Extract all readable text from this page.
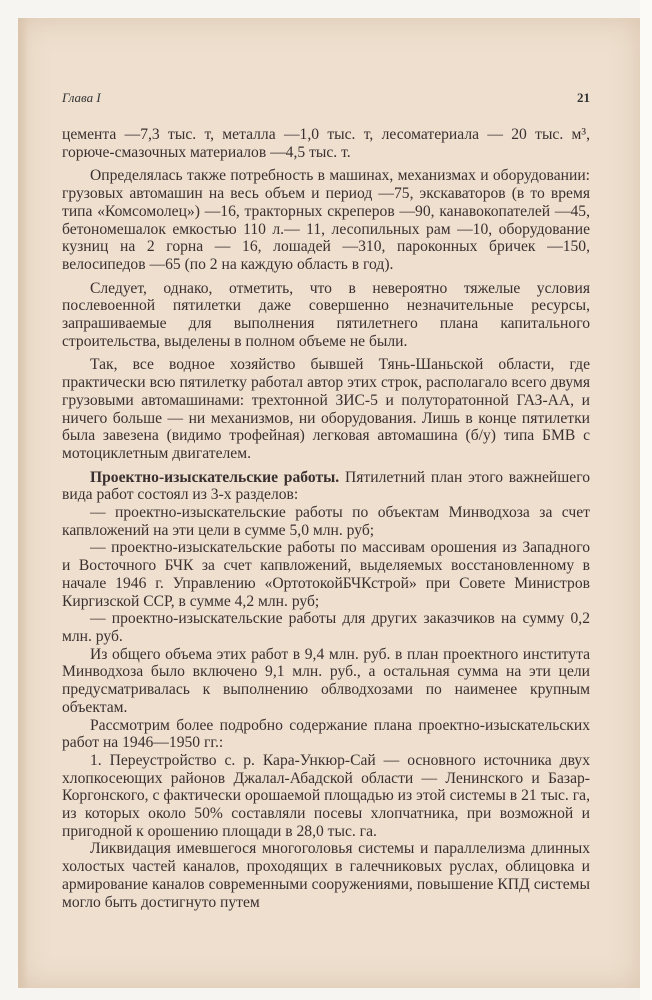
Глава I	21

цемента —7,3 тыс. т, металла —1,0 тыс. т, лесоматериала — 20 тыс. м³, горюче-смазочных материалов —4,5 тыс. т.

Определялась также потребность в машинах, механизмах и оборудовании: грузовых автомашин на весь объем и период —75, экскаваторов (в то время типа «Комсомолец») —16, тракторных скреперов —90, канавокопателей —45, бетономешалок емкостью 110 л.— 11, лесопильных рам —10, оборудование кузниц на 2 горна — 16, лошадей —310, пароконных бричек —150, велосипедов —65 (по 2 на каждую область в год).

Следует, однако, отметить, что в невероятно тяжелые условия послевоенной пятилетки даже совершенно незначительные ресурсы, запрашиваемые для выполнения пятилетнего плана капитального строительства, выделены в полном объеме не были.

Так, все водное хозяйство бывшей Тянь-Шаньской области, где практически всю пятилетку работал автор этих строк, располагало всего двумя грузовыми автомашинами: трехтонной ЗИС-5 и полуторатонной ГАЗ-АА, и ничего больше — ни механизмов, ни оборудования. Лишь в конце пятилетки была завезена (видимо трофейная) легковая автомашина (б/у) типа БМВ с мотоциклетным двигателем.

Проектно-изыскательские работы. Пятилетний план этого важнейшего вида работ состоял из 3-х разделов:

— проектно-изыскательские работы по объектам Минводхоза за счет капвложений на эти цели в сумме 5,0 млн. руб;

— проектно-изыскательские работы по массивам орошения из Западного и Восточного БЧК за счет капвложений, выделяемых восстановленному в начале 1946 г. Управлению «ОртотокойБЧКстрой» при Совете Министров Киргизской ССР, в сумме 4,2 млн. руб;

— проектно-изыскательские работы для других заказчиков на сумму 0,2 млн. руб.

Из общего объема этих работ в 9,4 млн. руб. в план проектного института Минводхоза было включено 9,1 млн. руб., а остальная сумма на эти цели предусматривалась к выполнению облводхозами по наименее крупным объектам.

Рассмотрим более подробно содержание плана проектно-изыскательских работ на 1946—1950 гг.:

1. Переустройство с. р. Кара-Ункюр-Сай — основного источника двух хлопкосеющих районов Джалал-Абадской области — Ленинского и Базар-Коргонского, с фактически орошаемой площадью из этой системы в 21 тыс. га, из которых около 50% составляли посевы хлопчатника, при возможной и пригодной к орошению площади в 28,0 тыс. га.

Ликвидация имевшегося многоголовья системы и параллелизма длинных холостых частей каналов, проходящих в галечниковых руслах, облицовка и армирование каналов современными сооружениями, повышение КПД системы могло быть достигнуто путем
